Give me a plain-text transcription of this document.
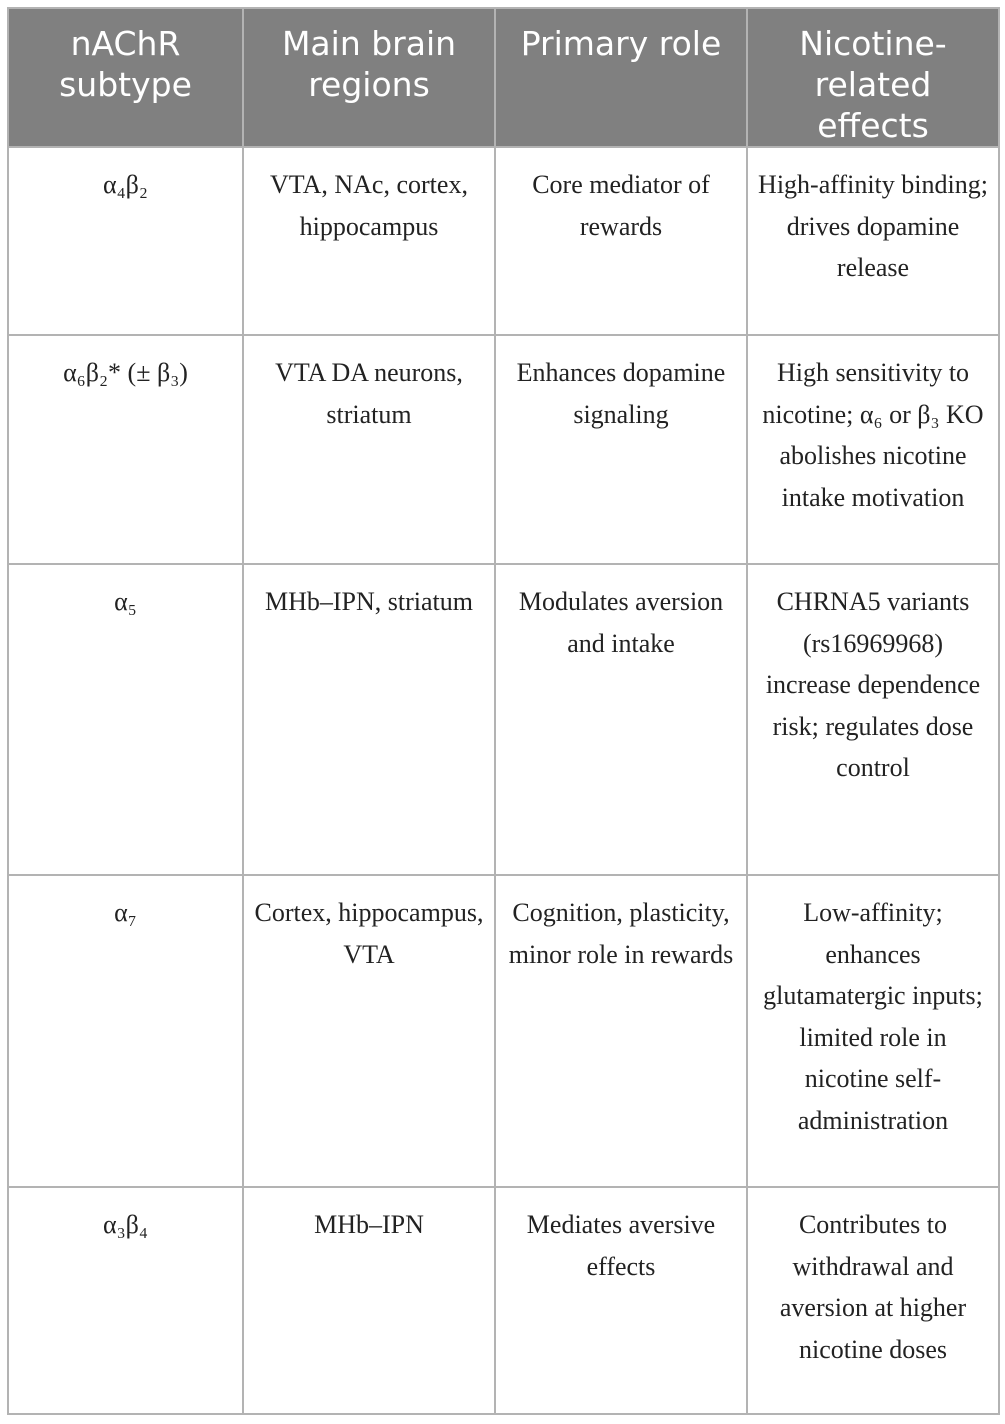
nAChR subtype	Main brain regions	Primary role	Nicotine-related effects
α₄β₂	VTA, NAc, cortex, hippocampus	Core mediator of rewards	High-affinity binding; drives dopamine release
α₆β₂* (± β₃)	VTA DA neurons, striatum	Enhances dopamine signaling	High sensitivity to nicotine; α₆ or β₃ KO abolishes nicotine intake motivation
α₅	MHb–IPN, striatum	Modulates aversion and intake	CHRNA5 variants (rs16969968) increase dependence risk; regulates dose control
α₇	Cortex, hippocampus, VTA	Cognition, plasticity, minor role in rewards	Low-affinity; enhances glutamatergic inputs; limited role in nicotine self-administration
α₃β₄	MHb–IPN	Mediates aversive effects	Contributes to withdrawal and aversion at higher nicotine doses
